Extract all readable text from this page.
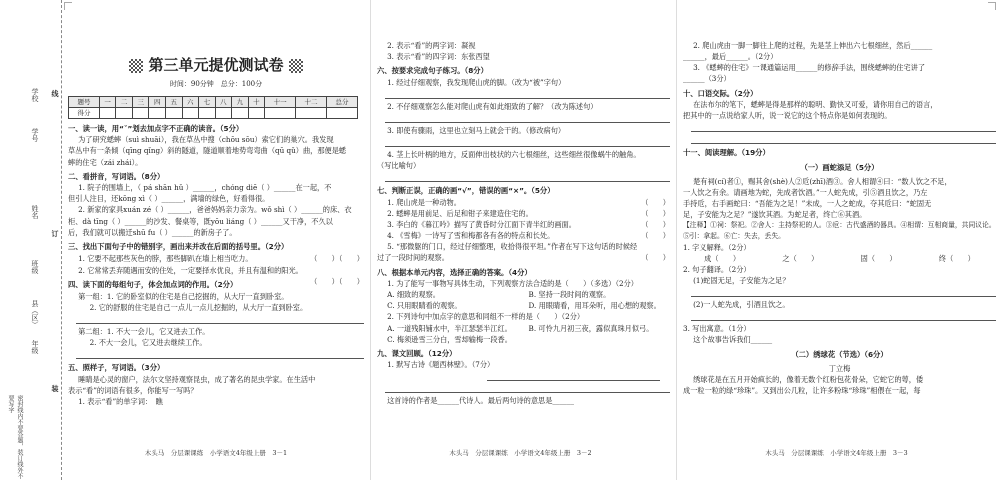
学校
学号
班级
姓名
年级
县（区）
线
订
装
密封线内不要答题，装订线外不要写字
第三单元提优测试卷
时间：90分钟　总分：100分
题号	一	二	三	四	五	六	七	八	九	十	十一	十二	总分
得分													
一、读一读，用“ˇ”划去加点字不正确的读音。（5分）
为了研究蟋蟀（suì shuāi），我在草丛中搜（chōu sōu）索它们的巢穴。我发现
草丛中有一条倾（qīng qǐng）斜的隧道，隧道顺着地势弯弯曲（qū qǔ）曲，那便是蟋
蟀的住宅（zái zhái）。
二、看拼音，写词语。（8分）
1. 院子的围墙上，（ pá shān hǔ ）______，chóng diē（ ）______在一起，不
但引人注目，还kōng xì（ ）______，满墙的绿色，好看得很。
2. 新家的家具xuán zé（ ）______，爸爸妈妈亲力亲为。wǒ shì（ ）______的床、衣
柜、dà tīng（ ）______的沙发、餐桌等，既yōu liáng（ ）______又干净，不久以
后，我们就可以搬迁shū fu（ ）______的新房子了。
三、找出下面句子中的错别字，画出来并改在后面的括号里。（2分）
1. 它要不起那些灰色的脖，那些脚趴在墙上相当吃力。	（　　）（　　）
2. 它常常丢弃随遇而安的住处，一定要择水优良，并且有温和的阳光。
（　　）（　　）
四、读下面的每组句子，体会加点词的作用。（2分）
第一组：1. 它的卧室似的住宅是自己挖掘的，从大厅一直到卧室。
2. 它的舒服的住宅是自己一点儿一点儿挖掘的，从大厅一直到卧室。
第二组：1. 不大一会儿，它又进去工作。
2. 不大一会儿，它又进去继续工作。
五、照样子，写词语。（3分）
睡睛是心灵的窗户，法尔文坚持观察昆虫，成了著名的昆虫学家。在生活中
表示“看”的词语有很多，你能写一写吗？
1. 表示“看”的单字词：　瞧
木头马　分层课课练　小学语文4年级上册　3－1
2. 表示“看”的两字词：凝视
3. 表示“看”的四字词：东张西望
六、按要求完成句子练习。（8分）
1. 经过仔细观察，我发现爬山虎的脚。（改为“被”字句）
2. 不仔细观察怎么能对爬山虎有如此细致的了解？（改为陈述句）
3. 即使有骤雨，这里也立刻马上就会干的。（修改病句）
4. 茎上长叶柄的地方，反面伸出枝状的六七根细丝，这些细丝很像蜗牛的触角。
（写比喻句）
七、判断正误，正确的画“√”，错误的画“×”。（5分）
1. 爬山虎是一种动物。	（　　）
2. 蟋蟀是用前足、后足和钳子来建造住宅的。	（　　）
3. 李白的《暮江吟》描写了黄昏时分江面下青半红的画面。	（　　）
4. 《雪梅》一诗写了雪和梅都各有各的特点和长处。	（　　）
5. “那微躯的门口，经过仔细整理，收拾得很平坦。”作者在写下这句话的时候经
过了一段时间的观察。	（　　）
八、根据本单元内容，选择正确的答案。（4分）
1. 为了能写一事物写具体生动，下列观察方法合适的是（　　）（多选）（2分）
A. 细致的观察。	B. 坚持一段时间的观察。
C. 只用眼睛看的观察。	D. 用眼睛看，用耳朵听，用心想的观察。
2. 下列诗句中加点字的意思和同组不一样的是（　　）（2分）
A. 一道残阳铺水中，半江瑟瑟半江红。	B. 可怜九月初三夜，露似真珠月似弓。
C. 梅须逊雪三分白，雪却输梅一段香。
九、课文回顾。（12分）
1. 默写古诗《题西林壁》。（7分）
这首诗的作者是______代诗人。最后两句诗的意思是______
木头马　分层课课练　小学语文4年级上册　3－2
2. 爬山虎由一脚一脚往上爬的过程，先是茎上伸出六七根细丝，然后______
______，最后______。（2分）
3. 《蟋蟀的住宅》一课通篇运用______的修辞手法，围绕蟋蟀的住宅讲了
______（3分）
十、口语交际。（2分）
在法布尔的笔下，蟋蟀是得是那样的聪明、勤快又可爱，请你用自己的语言，
把其中的一点说给家人听，说一说它的这个特点你是如何表现的。
十一、阅读理解。（19分）
（一）画蛇添足（5分）
楚有祠(cí)者①，赐其舍(shè)人②卮(zhī)酒③。舍人相谓④曰：“数人饮之不足，
一人饮之有余。请画地为蛇，先成者饮酒。”一人蛇先成，引⑤酒且饮之，乃左
手持卮，右手画蛇曰：“吾能为之足！”未成，一人之蛇成，夺其卮曰：“蛇固无
足，子安能为之足？”遂饮其酒。为蛇足者，终亡⑥其酒。
【注释】①祠：祭祀。②舍人：主持祭祀的人。③卮：古代盛酒的器具。④相谓：互相商量，共同议论。⑤引：拿起。⑥亡：失去，丢失。
1. 字义解释。（2分）
成（　　）	之（　　）	固（　　）	终（　　）
2. 句子翻译。（2分）
(1)蛇固无足，子安能为之足？
(2)一人蛇先成，引酒且饮之。
3. 写出寓意。（1分）
这个故事告诉我们______
（二）绣球花（节选）（6分）
丁立梅
绣球花是在五月开始疯长的，像着无数个红粉包花骨朵，它蛇它的萼，倭
成一粒一粒的绿“珍珠”。又到出公几粒，让许多粉珠“珍珠”相偎在一起，每
木头马　分层课课练　小学语文4年级上册　3－3
